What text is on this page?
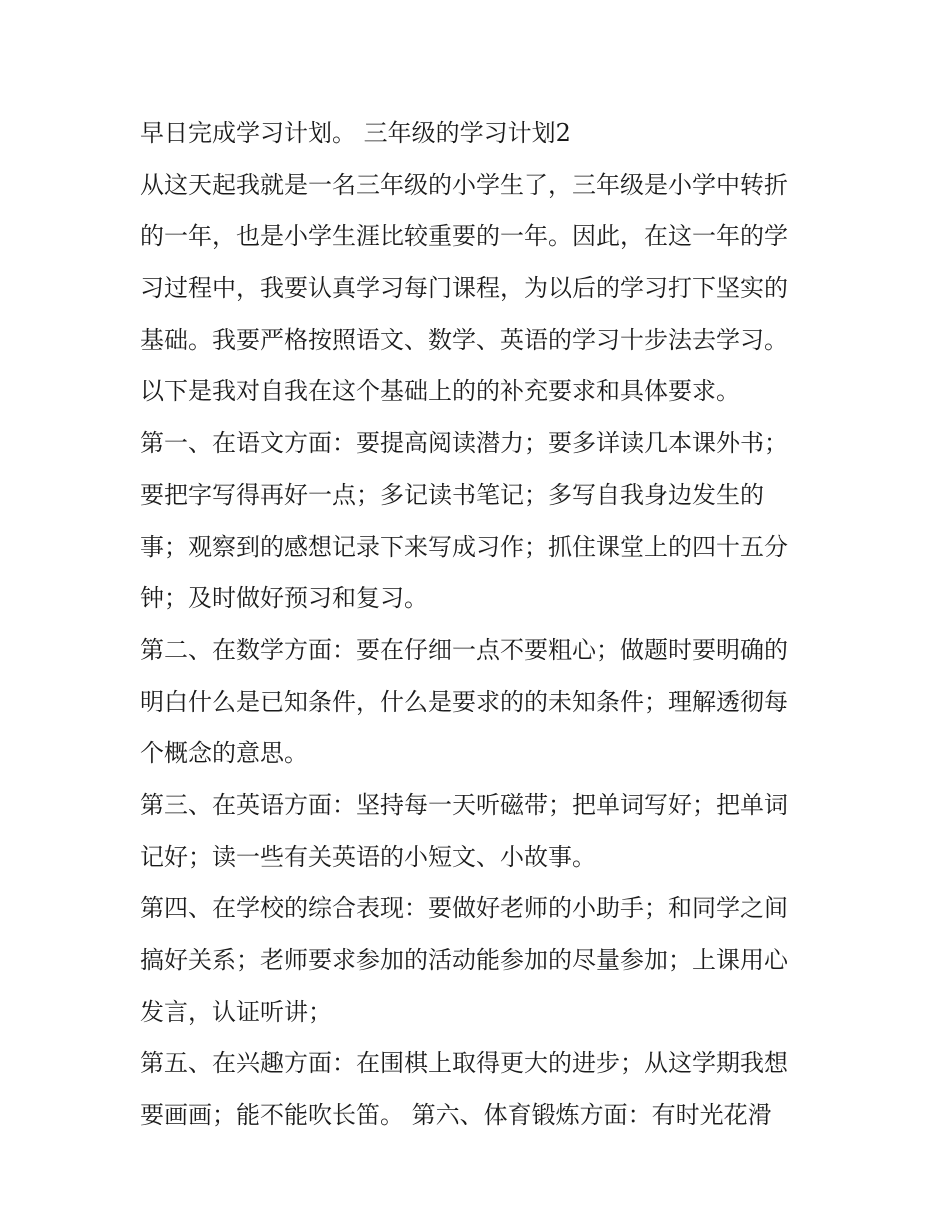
早日完成学习计划。 三年级的学习计划2
从这天起我就是一名三年级的小学生了，三年级是小学中转折
的一年，也是小学生涯比较重要的一年。因此，在这一年的学
习过程中，我要认真学习每门课程，为以后的学习打下坚实的
基础。我要严格按照语文、数学、英语的学习十步法去学习。
以下是我对自我在这个基础上的的补充要求和具体要求。
第一、在语文方面：要提高阅读潜力；要多详读几本课外书；
要把字写得再好一点；多记读书笔记；多写自我身边发生的
事；观察到的感想记录下来写成习作；抓住课堂上的四十五分
钟；及时做好预习和复习。
第二、在数学方面：要在仔细一点不要粗心；做题时要明确的
明白什么是已知条件，什么是要求的的未知条件；理解透彻每
个概念的意思。
第三、在英语方面：坚持每一天听磁带；把单词写好；把单词
记好；读一些有关英语的小短文、小故事。
第四、在学校的综合表现：要做好老师的小助手；和同学之间
搞好关系；老师要求参加的活动能参加的尽量参加；上课用心
发言，认证听讲；
第五、在兴趣方面：在围棋上取得更大的进步；从这学期我想
要画画；能不能吹长笛。 第六、体育锻炼方面：有时光花滑
